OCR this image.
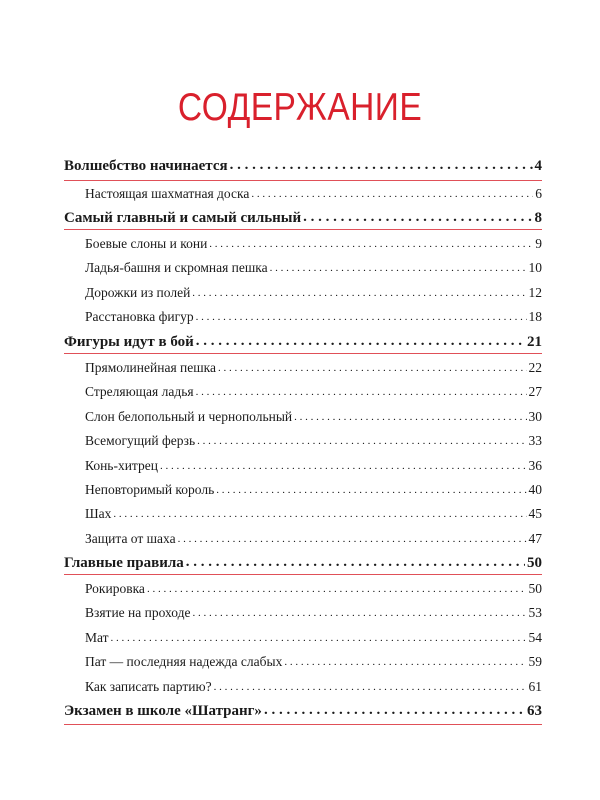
СОДЕРЖАНИЕ
Волшебство начинается . . .	4
Настоящая шахматная доска . . .	6
Самый главный и самый сильный . . .	8
Боевые слоны и кони . . .	9
Ладья-башня и скромная пешка . . .	10
Дорожки из полей . . .	12
Расстановка фигур . . .	18
Фигуры идут в бой . . .	21
Прямолинейная пешка . . .	22
Стреляющая ладья . . .	27
Слон белопольный и чернопольный . . .	30
Всемогущий ферзь . . .	33
Конь-хитрец . . .	36
Неповторимый король . . .	40
Шах . . .	45
Защита от шаха . . .	47
Главные правила . . .	50
Рокировка . . .	50
Взятие на проходе . . .	53
Мат . . .	54
Пат — последняя надежда слабых . . .	59
Как записать партию? . . .	61
Экзамен в школе «Шатранг» . . .	63
